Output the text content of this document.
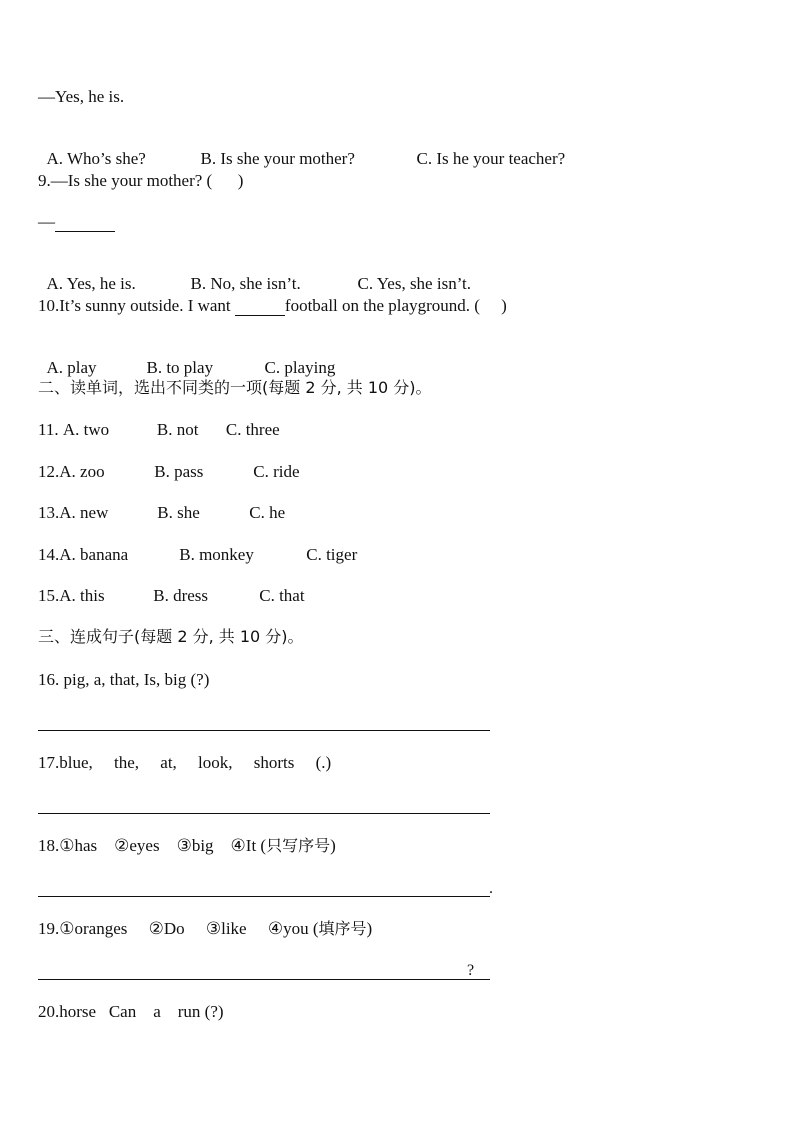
—Yes, he is.

A. Who’s she?	B. Is she your mother?	C. Is he your teacher?

9.—Is she your mother? (      )
—

A. Yes, he is.	B. No, she isn’t.	C. Yes, she isn’t.

10.It’s sunny outside. I want	football on the playground. (     )

A. play	B. to play	C. playing

二、读单词，选出不同类的一项(每题 2 分, 共 10 分)。
11. A. two	B. not C. three
12.A. zoo	B. pass	C. ride
13.A. new	B. she	C. he
14.A. banana	B. monkey	C. tiger
15.A. this	B. dress	C. that
三、连成句子(每题 2 分, 共 10 分)。
16. pig, a, that, Is, big (?)
17.blue,     the,     at,     look,     shorts     (.)
18.①has    ②eyes    ③big    ④It (只写序号)
.
19.①oranges     ②Do     ③like     ④you (填序号)
?
20.horse   Can    a    run (?)
